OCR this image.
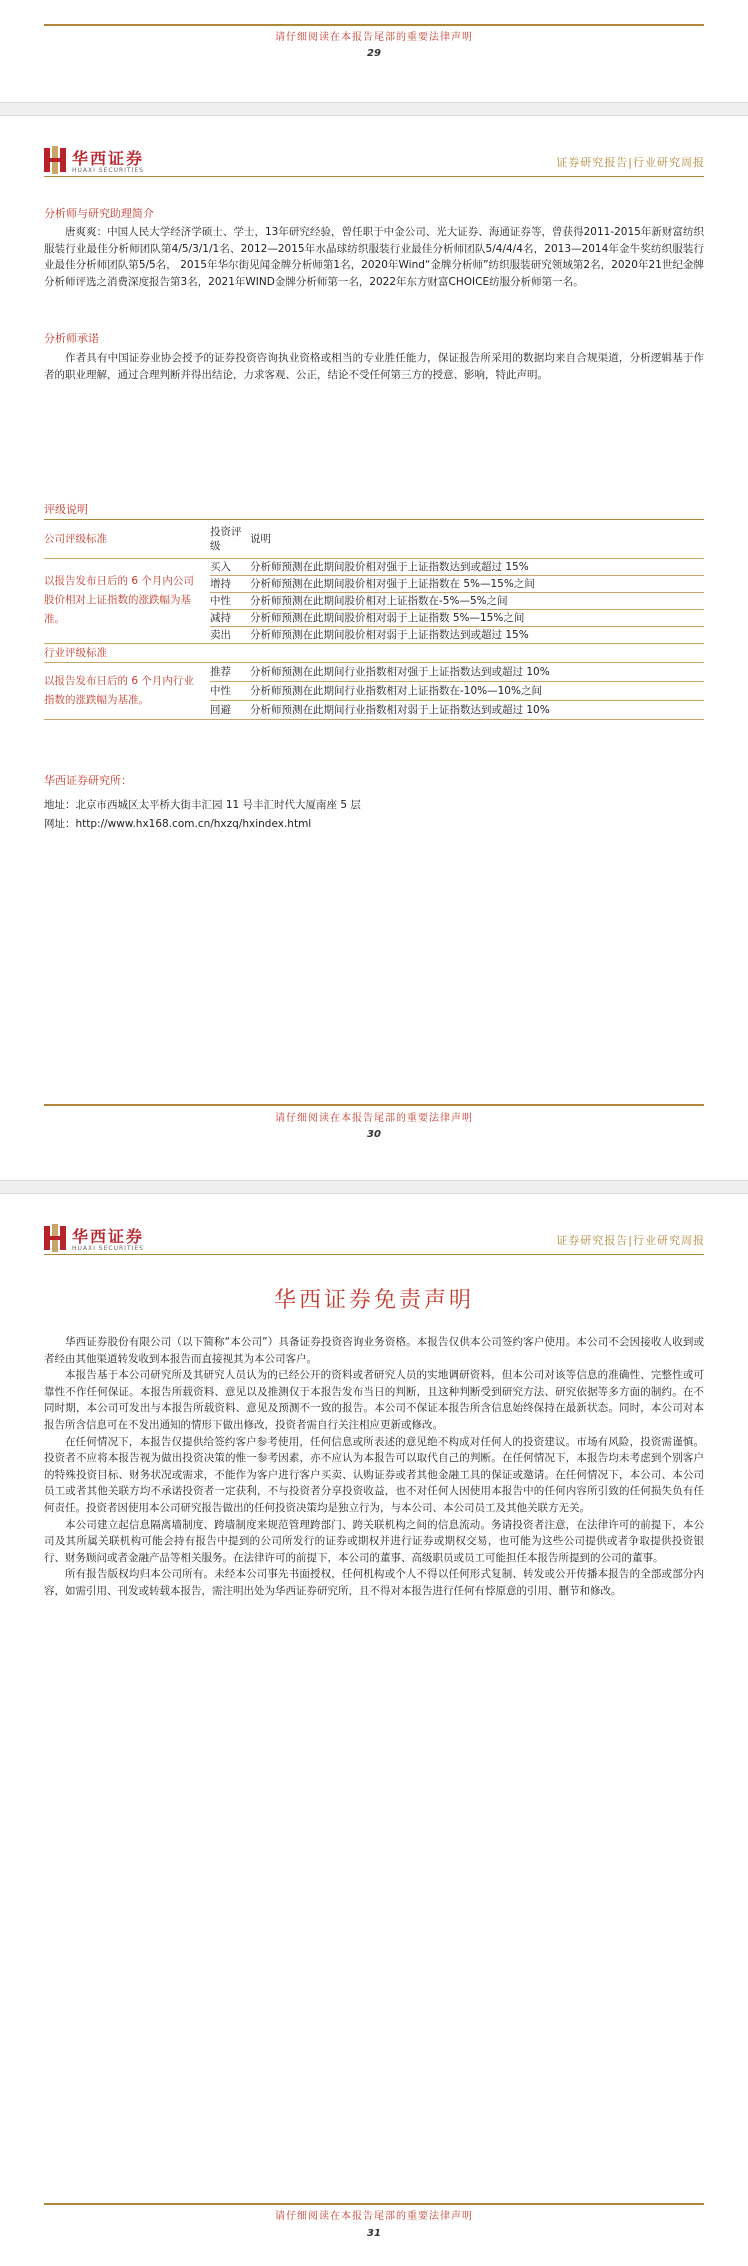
请仔细阅读在本报告尾部的重要法律声明
29
华西证券
HUAXI SECURITIES
证券研究报告|行业研究周报
分析师与研究助理简介

唐爽爽：中国人民大学经济学硕士、学士，13年研究经验，曾任职于中金公司、光大证券、海通证券等，曾获得2011-2015年新财富纺织服装行业最佳分析师团队第4/5/3/1/1名、2012—2015年水晶球纺织服装行业最佳分析师团队5/4/4/4名，2013—2014年金牛奖纺织服装行业最佳分析师团队第5/5名， 2015年华尔街见闻金牌分析师第1名，2020年Wind“金牌分析师”纺织服装研究领域第2名，2020年21世纪金牌分析师评选之消费深度报告第3名，2021年WIND金牌分析师第一名，2022年东方财富CHOICE纺服分析师第一名。

分析师承诺

作者具有中国证券业协会授予的证券投资咨询执业资格或相当的专业胜任能力，保证报告所采用的数据均来自合规渠道，分析逻辑基于作者的职业理解，通过合理判断并得出结论，力求客观、公正，结论不受任何第三方的授意、影响，特此声明。

评级说明
公司评级标准	投资评级	说明
以报告发布日后的 6 个月内公司股价相对上证指数的涨跌幅为基准。	买入	分析师预测在此期间股价相对强于上证指数达到或超过 15%
	增持	分析师预测在此期间股价相对强于上证指数在 5%—15%之间
	中性	分析师预测在此期间股价相对上证指数在-5%—5%之间
	减持	分析师预测在此期间股价相对弱于上证指数 5%—15%之间
	卖出	分析师预测在此期间股价相对弱于上证指数达到或超过 15%
行业评级标准		
以报告发布日后的 6 个月内行业指数的涨跌幅为基准。	推荐	分析师预测在此期间行业指数相对强于上证指数达到或超过 10%
	中性	分析师预测在此期间行业指数相对上证指数在-10%—10%之间
	回避	分析师预测在此期间行业指数相对弱于上证指数达到或超过 10%
华西证券研究所：
地址：北京市西城区太平桥大街丰汇园 11 号丰汇时代大厦南座 5 层
网址：http://www.hx168.com.cn/hxzq/hxindex.html
请仔细阅读在本报告尾部的重要法律声明
30
华西证券
HUAXI SECURITIES
证券研究报告|行业研究周报
华西证券免责声明

华西证券股份有限公司（以下简称“本公司”）具备证券投资咨询业务资格。本报告仅供本公司签约客户使用。本公司不会因接收人收到或者经由其他渠道转发收到本报告而直接视其为本公司客户。

本报告基于本公司研究所及其研究人员认为的已经公开的资料或者研究人员的实地调研资料，但本公司对该等信息的准确性、完整性或可靠性不作任何保证。本报告所载资料、意见以及推测仅于本报告发布当日的判断，且这种判断受到研究方法、研究依据等多方面的制约。在不同时期，本公司可发出与本报告所载资料、意见及预测不一致的报告。本公司不保证本报告所含信息始终保持在最新状态。同时，本公司对本报告所含信息可在不发出通知的情形下做出修改，投资者需自行关注相应更新或修改。

在任何情况下，本报告仅提供给签约客户参考使用，任何信息或所表述的意见绝不构成对任何人的投资建议。市场有风险，投资需谨慎。投资者不应将本报告视为做出投资决策的惟一参考因素，亦不应认为本报告可以取代自己的判断。在任何情况下，本报告均未考虑到个别客户的特殊投资目标、财务状况或需求，不能作为客户进行客户买卖、认购证券或者其他金融工具的保证或邀请。在任何情况下，本公司、本公司员工或者其他关联方均不承诺投资者一定获利，不与投资者分享投资收益，也不对任何人因使用本报告中的任何内容所引致的任何损失负有任何责任。投资者因使用本公司研究报告做出的任何投资决策均是独立行为，与本公司、本公司员工及其他关联方无关。

本公司建立起信息隔离墙制度、跨墙制度来规范管理跨部门、跨关联机构之间的信息流动。务请投资者注意，在法律许可的前提下，本公司及其所属关联机构可能会持有报告中提到的公司所发行的证券或期权并进行证券或期权交易，也可能为这些公司提供或者争取提供投资银行、财务顾问或者金融产品等相关服务。在法律许可的前提下，本公司的董事、高级职员或员工可能担任本报告所提到的公司的董事。

所有报告版权均归本公司所有。未经本公司事先书面授权，任何机构或个人不得以任何形式复制、转发或公开传播本报告的全部或部分内容，如需引用、刊发或转载本报告，需注明出处为华西证券研究所，且不得对本报告进行任何有悖原意的引用、删节和修改。

请仔细阅读在本报告尾部的重要法律声明
31
